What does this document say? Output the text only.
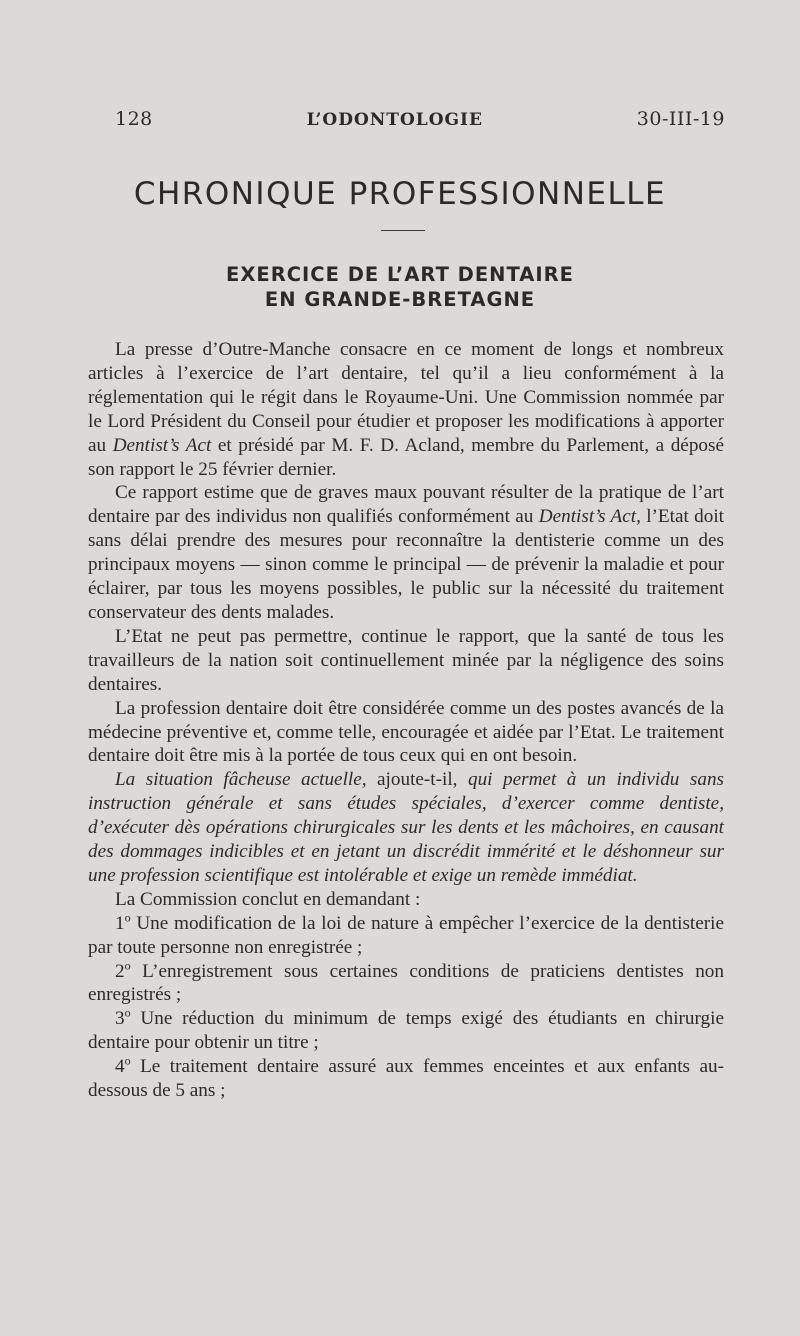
128	L’ODONTOLOGIE	30-III-19
CHRONIQUE PROFESSIONNELLE
EXERCICE DE L’ART DENTAIRE
EN GRANDE-BRETAGNE

La presse d’Outre-Manche consacre en ce moment de longs et nombreux articles à l’exercice de l’art dentaire, tel qu’il a lieu conformément à la réglementation qui le régit dans le Royaume-Uni. Une Commission nommée par le Lord Président du Conseil pour étudier et proposer les modifications à apporter au Dentist’s Act et présidé par M. F. D. Acland, membre du Parlement, a déposé son rapport le 25 février dernier.

Ce rapport estime que de graves maux pouvant résulter de la pratique de l’art dentaire par des individus non qualifiés conformément au Dentist’s Act, l’Etat doit sans délai prendre des mesures pour reconnaître la dentisterie comme un des principaux moyens — sinon comme le principal — de prévenir la maladie et pour éclairer, par tous les moyens possibles, le public sur la nécessité du traitement conservateur des dents malades.

L’Etat ne peut pas permettre, continue le rapport, que la santé de tous les travailleurs de la nation soit continuellement minée par la négligence des soins dentaires.

La profession dentaire doit être considérée comme un des postes avancés de la médecine préventive et, comme telle, encouragée et aidée par l’Etat. Le traitement dentaire doit être mis à la portée de tous ceux qui en ont besoin.

La situation fâcheuse actuelle, ajoute-t-il, qui permet à un individu sans instruction générale et sans études spéciales, d’exercer comme dentiste, d’exécuter dès opérations chirurgicales sur les dents et les mâchoires, en causant des dommages indicibles et en jetant un discrédit immérité et le déshonneur sur une profession scientifique est intolérable et exige un remède immédiat.

La Commission conclut en demandant :

1$^o$ Une modification de la loi de nature à empêcher l’exercice de la dentisterie par toute personne non enregistrée ;

2$^o$ L’enregistrement sous certaines conditions de praticiens dentistes non enregistrés ;

3$^o$ Une réduction du minimum de temps exigé des étudiants en chirurgie dentaire pour obtenir un titre ;

4$^o$ Le traitement dentaire assuré aux femmes enceintes et aux enfants au-dessous de 5 ans ;
